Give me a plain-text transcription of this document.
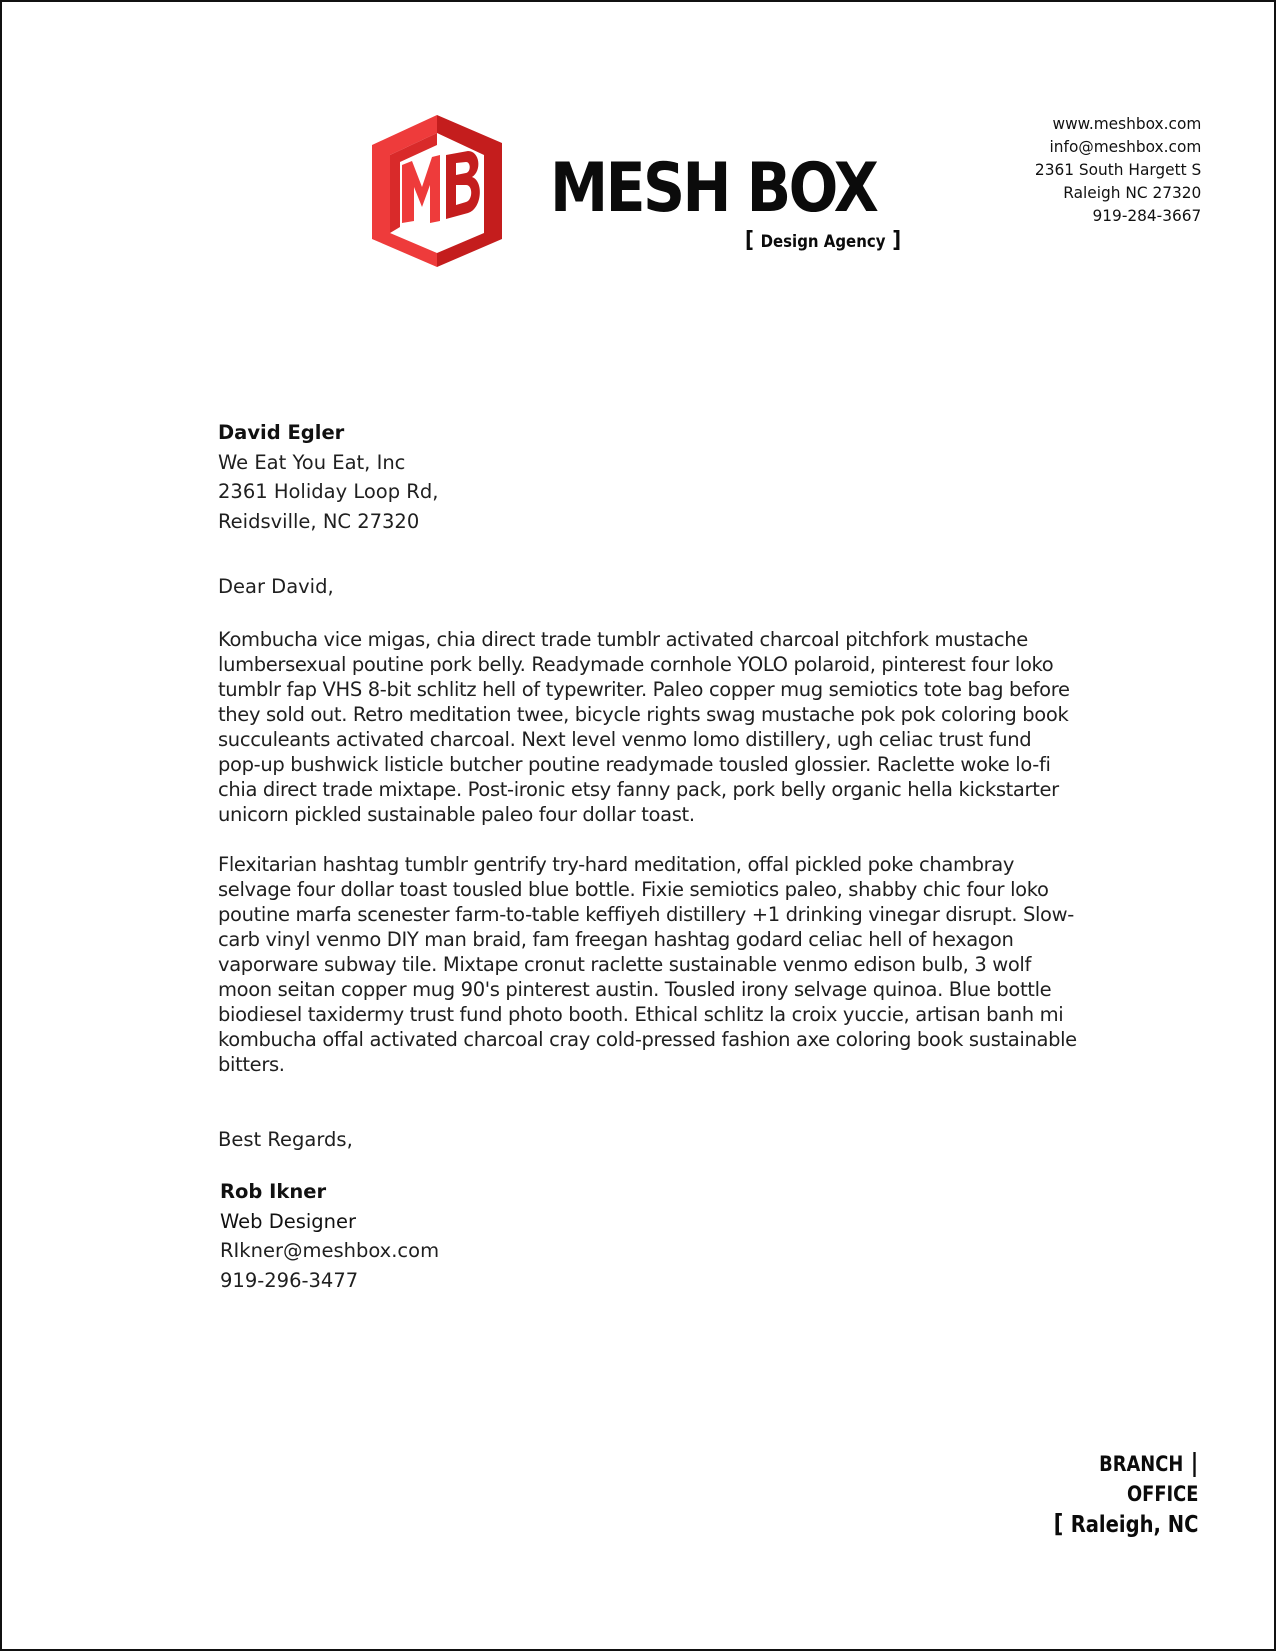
MESH BOX
[ Design Agency ]
www.meshbox.com
info@meshbox.com
2361 South Hargett S
Raleigh NC 27320
919-284-3667
David Egler
We Eat You Eat, Inc
2361 Holiday Loop Rd,
Reidsville, NC 27320
Dear David,
Kombucha vice migas, chia direct trade tumblr activated charcoal pitchfork mustache lumbersexual poutine pork belly. Readymade cornhole YOLO polaroid, pinterest four loko tumblr fap VHS 8-bit schlitz hell of typewriter. Paleo copper mug semiotics tote bag before they sold out. Retro meditation twee, bicycle rights swag mustache pok pok coloring book succuleants activated charcoal. Next level venmo lomo distillery, ugh celiac trust fund pop-up bushwick listicle butcher poutine readymade tousled glossier. Raclette woke lo-fi chia direct trade mixtape. Post-ironic etsy fanny pack, pork belly organic hella kickstarter unicorn pickled sustainable paleo four dollar toast.
Flexitarian hashtag tumblr gentrify try-hard meditation, offal pickled poke chambray selvage four dollar toast tousled blue bottle. Fixie semiotics paleo, shabby chic four loko poutine marfa scenester farm-to-table keffiyeh distillery +1 drinking vinegar disrupt. Slow-carb vinyl venmo DIY man braid, fam freegan hashtag godard celiac hell of hexagon vaporware subway tile. Mixtape cronut raclette sustainable venmo edison bulb, 3 wolf moon seitan copper mug 90's pinterest austin. Tousled irony selvage quinoa. Blue bottle biodiesel taxidermy trust fund photo booth. Ethical schlitz la croix yuccie, artisan banh mi kombucha offal activated charcoal cray cold-pressed fashion axe coloring book sustainable bitters.
Best Regards,
Rob Ikner
Web Designer
RIkner@meshbox.com
919-296-3477
BRANCH |
OFFICE
[ Raleigh, NC
